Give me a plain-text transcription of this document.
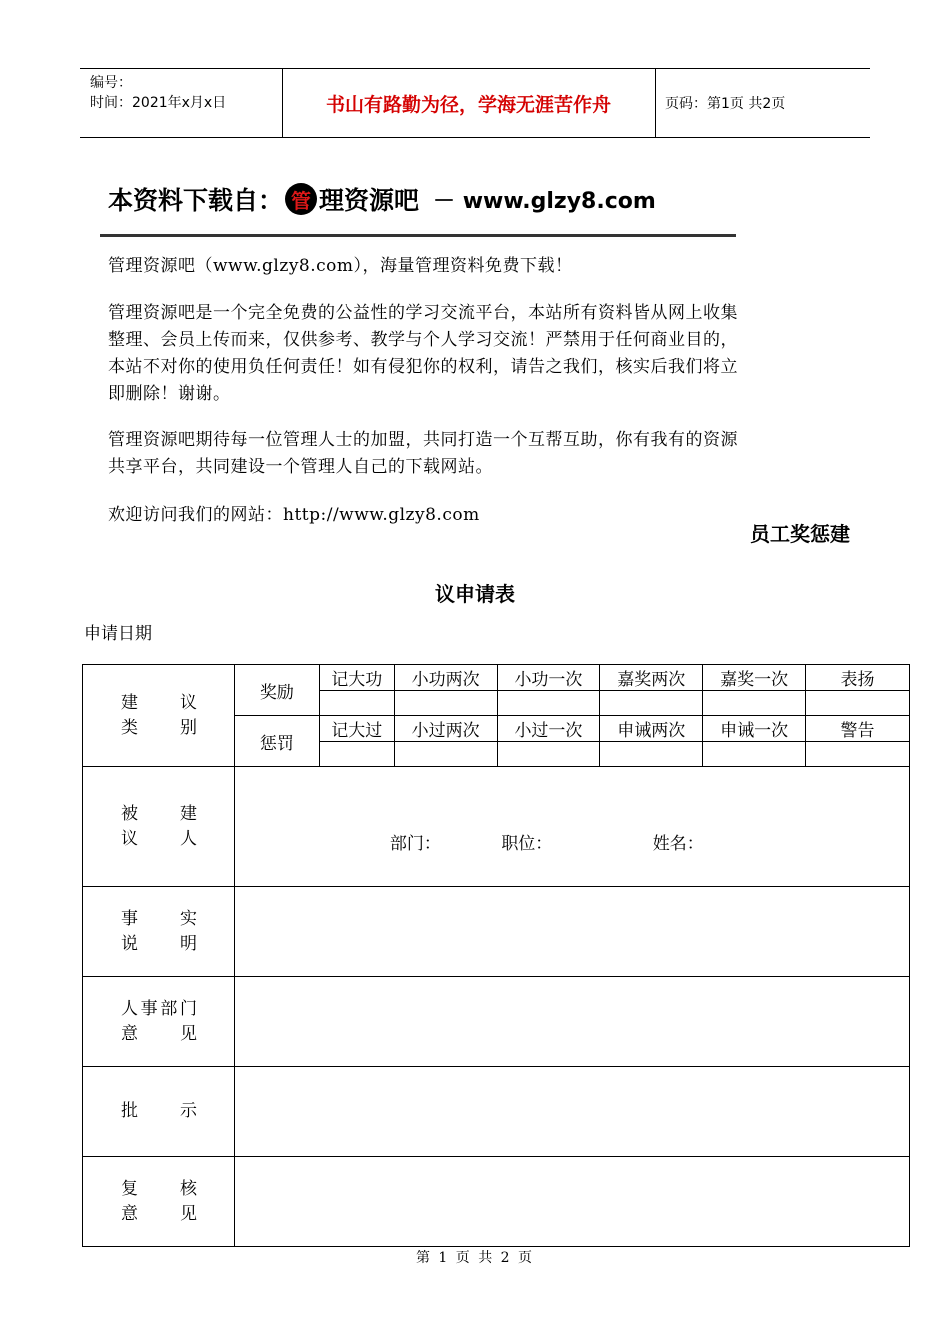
编号：
时间：2021年x月x日	书山有路勤为径，学海无涯苦作舟	页码：第1页 共2页
本资料下载自： 管 理资源吧 － www.glzy8.com
管理资源吧（www.glzy8.com），海量管理资料免费下载！
管理资源吧是一个完全免费的公益性的学习交流平台，本站所有资料皆从网上收集整理、会员上传而来，仅供参考、教学与个人学习交流！严禁用于任何商业目的，本站不对你的使用负任何责任！如有侵犯你的权利，请告之我们，核实后我们将立即删除！谢谢。
管理资源吧期待每一位管理人士的加盟，共同打造一个互帮互助，你有我有的资源共享平台，共同建设一个管理人自己的下载网站。
欢迎访问我们的网站：http://www.glzy8.com
员工奖惩建
议申请表
申请日期
建 议
类 别	奖励	记大功	小功两次	小功一次	嘉奖两次	嘉奖一次	表扬

	惩罚	记大过	小过两次	小过一次	申诫两次	申诫一次	警告

被 建
议 人	部门： 职位： 姓名：						

事 实
说 明							

人事部门
意 见							

批 示							

复 核
意 见							

第 1 页 共 2 页
